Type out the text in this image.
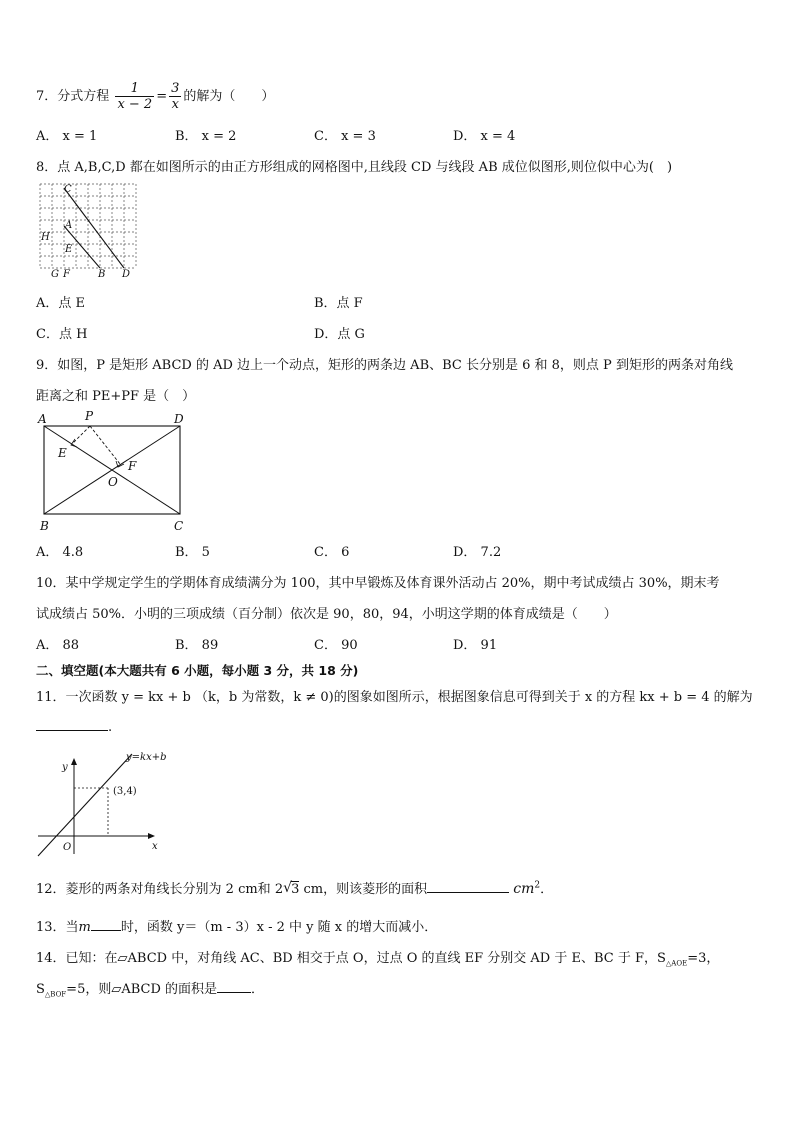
7．分式方程 $\frac{1}{x - 2} = \frac{3}{x}$ 的解为（　　）
A． x = 1	B． x = 2	C． x = 3	D． x = 4
8．点 A,B,C,D 都在如图所示的由正方形组成的网格图中,且线段 CD 与线段 AB 成位似图形,则位似中心为(　)
C
A
H
E
G F	B D
A．点 E	B．点 F
C．点 H	D．点 G
9．如图，P 是矩形 ABCD 的 AD 边上一个动点，矩形的两条边 AB、BC 长分别是 6 和 8，则点 P 到矩形的两条对角线
距离之和 PE+PF 是（　）
A	P	D
E
F
O
B	C
A． 4.8	B． 5	C． 6	D． 7.2
10．某中学规定学生的学期体育成绩满分为 100，其中早锻炼及体育课外活动占 20%，期中考试成绩占 30%，期末考
试成绩占 50%．小明的三项成绩（百分制）依次是 90，80，94，小明这学期的体育成绩是（　　）
A． 88	B． 89	C． 90	D． 91
二、填空题(本大题共有 6 小题，每小题 3 分，共 18 分)
11．一次函数 y = kx + b （k，b 为常数，k ≠ 0)的图象如图所示，根据图象信息可得到关于 x 的方程 kx + b = 4 的解为
.
y=kx+b
y
x
O
(3,4)
12．菱形的两条对角线长分别为 2 cm和 2 √ 3 cm，则该菱形的面积	$cm^2$．
13．当m 时，函数 y＝（m - 3）x - 2 中 y 随 x 的增大而减小．
14．已知：在▱ABCD 中，对角线 AC、BD 相交于点 O，过点 O 的直线 EF 分别交 AD 于 E、BC 于 F，$S_{\triangle AOE}=3$，
$S_{\triangle BOF}=5$，则▱ABCD 的面积是	．
